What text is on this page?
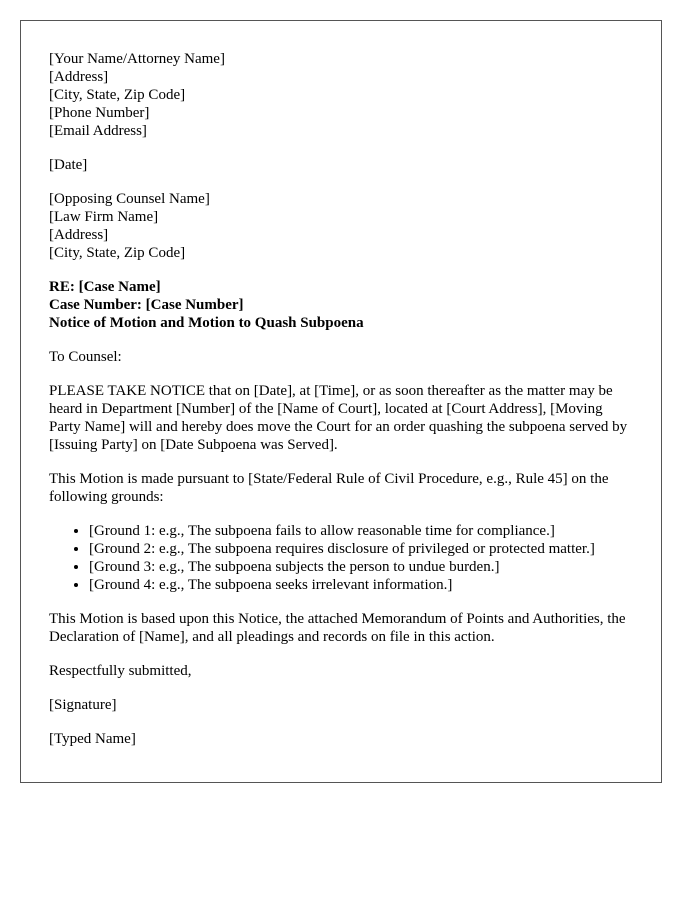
[Your Name/Attorney Name]
[Address]
[City, State, Zip Code]
[Phone Number]
[Email Address]
[Date]
[Opposing Counsel Name]
[Law Firm Name]
[Address]
[City, State, Zip Code]
RE: [Case Name]
Case Number: [Case Number]
Notice of Motion and Motion to Quash Subpoena

To Counsel:

PLEASE TAKE NOTICE that on [Date], at [Time], or as soon thereafter as the matter may be heard in Department [Number] of the [Name of Court], located at [Court Address], [Moving Party Name] will and hereby does move the Court for an order quashing the subpoena served by [Issuing Party] on [Date Subpoena was Served].

This Motion is made pursuant to [State/Federal Rule of Civil Procedure, e.g., Rule 45] on the following grounds:

• [Ground 1: e.g., The subpoena fails to allow reasonable time for compliance.]
• [Ground 2: e.g., The subpoena requires disclosure of privileged or protected matter.]
• [Ground 3: e.g., The subpoena subjects the person to undue burden.]
• [Ground 4: e.g., The subpoena seeks irrelevant information.]

This Motion is based upon this Notice, the attached Memorandum of Points and Authorities, the Declaration of [Name], and all pleadings and records on file in this action.

Respectfully submitted,

[Signature]

[Typed Name]
